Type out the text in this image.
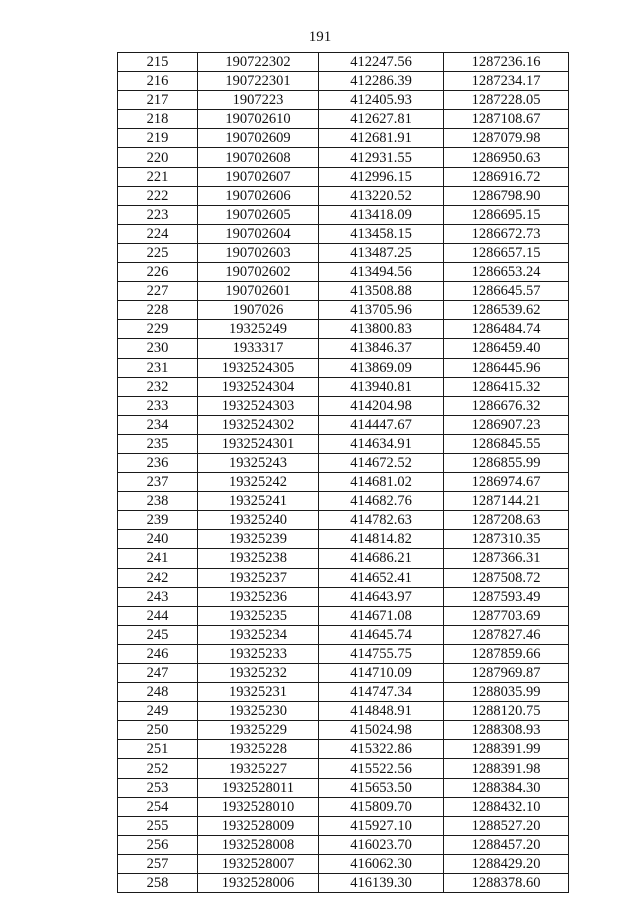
191
215	190722302	412247.56	1287236.16
216	190722301	412286.39	1287234.17
217	1907223	412405.93	1287228.05
218	190702610	412627.81	1287108.67
219	190702609	412681.91	1287079.98
220	190702608	412931.55	1286950.63
221	190702607	412996.15	1286916.72
222	190702606	413220.52	1286798.90
223	190702605	413418.09	1286695.15
224	190702604	413458.15	1286672.73
225	190702603	413487.25	1286657.15
226	190702602	413494.56	1286653.24
227	190702601	413508.88	1286645.57
228	1907026	413705.96	1286539.62
229	19325249	413800.83	1286484.74
230	1933317	413846.37	1286459.40
231	1932524305	413869.09	1286445.96
232	1932524304	413940.81	1286415.32
233	1932524303	414204.98	1286676.32
234	1932524302	414447.67	1286907.23
235	1932524301	414634.91	1286845.55
236	19325243	414672.52	1286855.99
237	19325242	414681.02	1286974.67
238	19325241	414682.76	1287144.21
239	19325240	414782.63	1287208.63
240	19325239	414814.82	1287310.35
241	19325238	414686.21	1287366.31
242	19325237	414652.41	1287508.72
243	19325236	414643.97	1287593.49
244	19325235	414671.08	1287703.69
245	19325234	414645.74	1287827.46
246	19325233	414755.75	1287859.66
247	19325232	414710.09	1287969.87
248	19325231	414747.34	1288035.99
249	19325230	414848.91	1288120.75
250	19325229	415024.98	1288308.93
251	19325228	415322.86	1288391.99
252	19325227	415522.56	1288391.98
253	1932528011	415653.50	1288384.30
254	1932528010	415809.70	1288432.10
255	1932528009	415927.10	1288527.20
256	1932528008	416023.70	1288457.20
257	1932528007	416062.30	1288429.20
258	1932528006	416139.30	1288378.60
